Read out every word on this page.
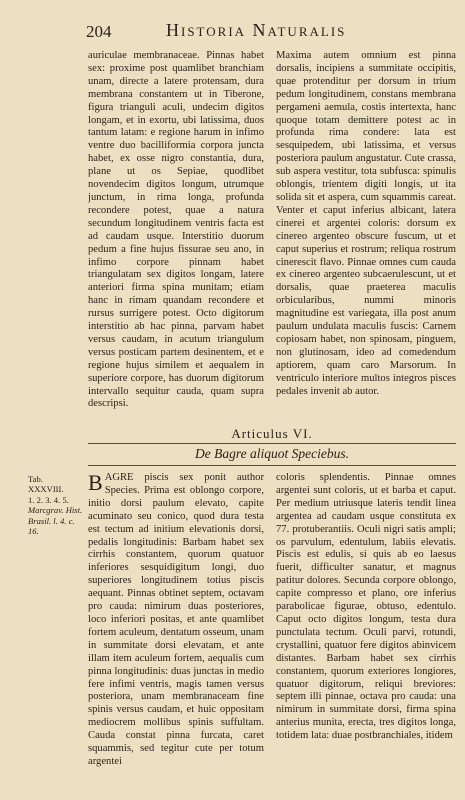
204	Historia Naturalis

auriculae membranaceae. Pinnas habet sex: proxime post quamlibet branchiam unam, directe a latere protensam, dura membrana constantem ut in Tiberone, figura trianguli aculi, undecim digitos longam, et in exortu, ubi latissima, duos tantum latam: e regione harum in infimo ventre duo bacilliformia corpora juncta habet, ex osse nigro constantia, dura, plane ut os Sepiae, quodlibet novendecim digitos longum, utrumque junctum, in rima longa, profunda recondere potest, quae a natura secundum longitudinem ventris facta est ad caudam usque. Interstitio duorum pedum a fine hujus fissurae seu ano, in infimo corpore pinnam habet triangulatam sex digitos longam, latere anteriori firma spina munitam; etiam hanc in rimam quandam recondere et rursus surrigere potest. Octo digitorum interstitio ab hac pinna, parvam habet versus caudam, in acutum triangulum versus posticam partem desinentem, et e regione hujus similem et aequalem in superiore corpore, has duorum digitorum intervallo sequitur cauda, quam supra descripsi.

Maxima autem omnium est pinna dorsalis, incipiens a summitate occipitis, quae protenditur per dorsum in trium pedum longitudinem, constans membrana pergameni aemula, costis intertexta, hanc quoque totam demittere potest ac in profunda rima condere: lata est sesquipedem, ubi latissima, et versus posteriora paulum angustatur. Cute crassa, sub aspera vestitur, tota subfusca: spinulis oblongis, trientem digiti longis, ut ita solida sit et aspera, cum squammis careat. Venter et caput inferius albicant, latera cinerei et argentei coloris: dorsum ex cinereo argenteo obscure fuscum, ut et caput superius et rostrum; reliqua rostrum cinerescit flavo. Pinnae omnes cum cauda ex cinereo argenteo subcaerulescunt, ut et dorsalis, quae praeterea maculis orbicularibus, nummi minoris magnitudine est variegata, illa post anum paulum undulata maculis fuscis: Carnem copiosam habet, non spinosam, pinguem, non glutinosam, ideo ad comedendum aptiorem, quam caro Marsorum. In ventriculo interiore multos integros pisces pedales invenit ab autor.

Articulus VI.
De Bagre aliquot Speciebus.
Tab.
XXXVIII.
1. 2. 3. 4. 5.
Marcgrav. Hist. Brasil. l. 4. c. 16.
B AGRE piscis sex ponit author Species. Prima est oblongo corpore, initio dorsi paulum elevato, capite acuminato seu conico, quod dura testa est tectum ad initium elevationis dorsi, pedalis longitudinis: Barbam habet sex cirrhis constantem, quorum quatuor inferiores sesquidigitum longi, duo superiores longitudinem totius piscis aequant. Pinnas obtinet septem, octavam pro cauda: nimirum duas posteriores, loco inferiori positas, et ante quamlibet fortem aculeum, dentatum osseum, unam in summitate dorsi elevatam, et ante illam item aculeum fortem, aequalis cum pinna longitudinis: duas junctas in medio fere infimi ventris, magis tamen versus posteriora, unam membranaceam fine spinis versus caudam, et huic oppositam mediocrem mollibus spinis suffultam. Cauda constat pinna furcata, caret squammis, sed tegitur cute per totum argentei

coloris splendentis. Pinnae omnes argentei sunt coloris, ut et barba et caput. Per medium utriusque lateris tendit linea argentea ad caudam usque constituta ex 77. protuberantiis. Oculi nigri satis ampli; os parvulum, edentulum, labiis elevatis. Piscis est edulis, si quis ab eo laesus fuerit, difficulter sanatur, et magnus patitur dolores. Secunda corpore oblongo, capite compresso et plano, ore inferius parabolicae figurae, obtuso, edentulo. Caput octo digitos longum, testa dura punctulata tectum. Oculi parvi, rotundi, crystallini, quatuor fere digitos abinvicem distantes. Barbam habet sex cirrhis constantem, quorum exteriores longiores, quatuor digitorum, reliqui breviores: septem illi pinnae, octava pro cauda: una nimirum in summitate dorsi, firma spina anterius munita, erecta, tres digitos longa, totidem lata: duae postbranchiales, itidem
